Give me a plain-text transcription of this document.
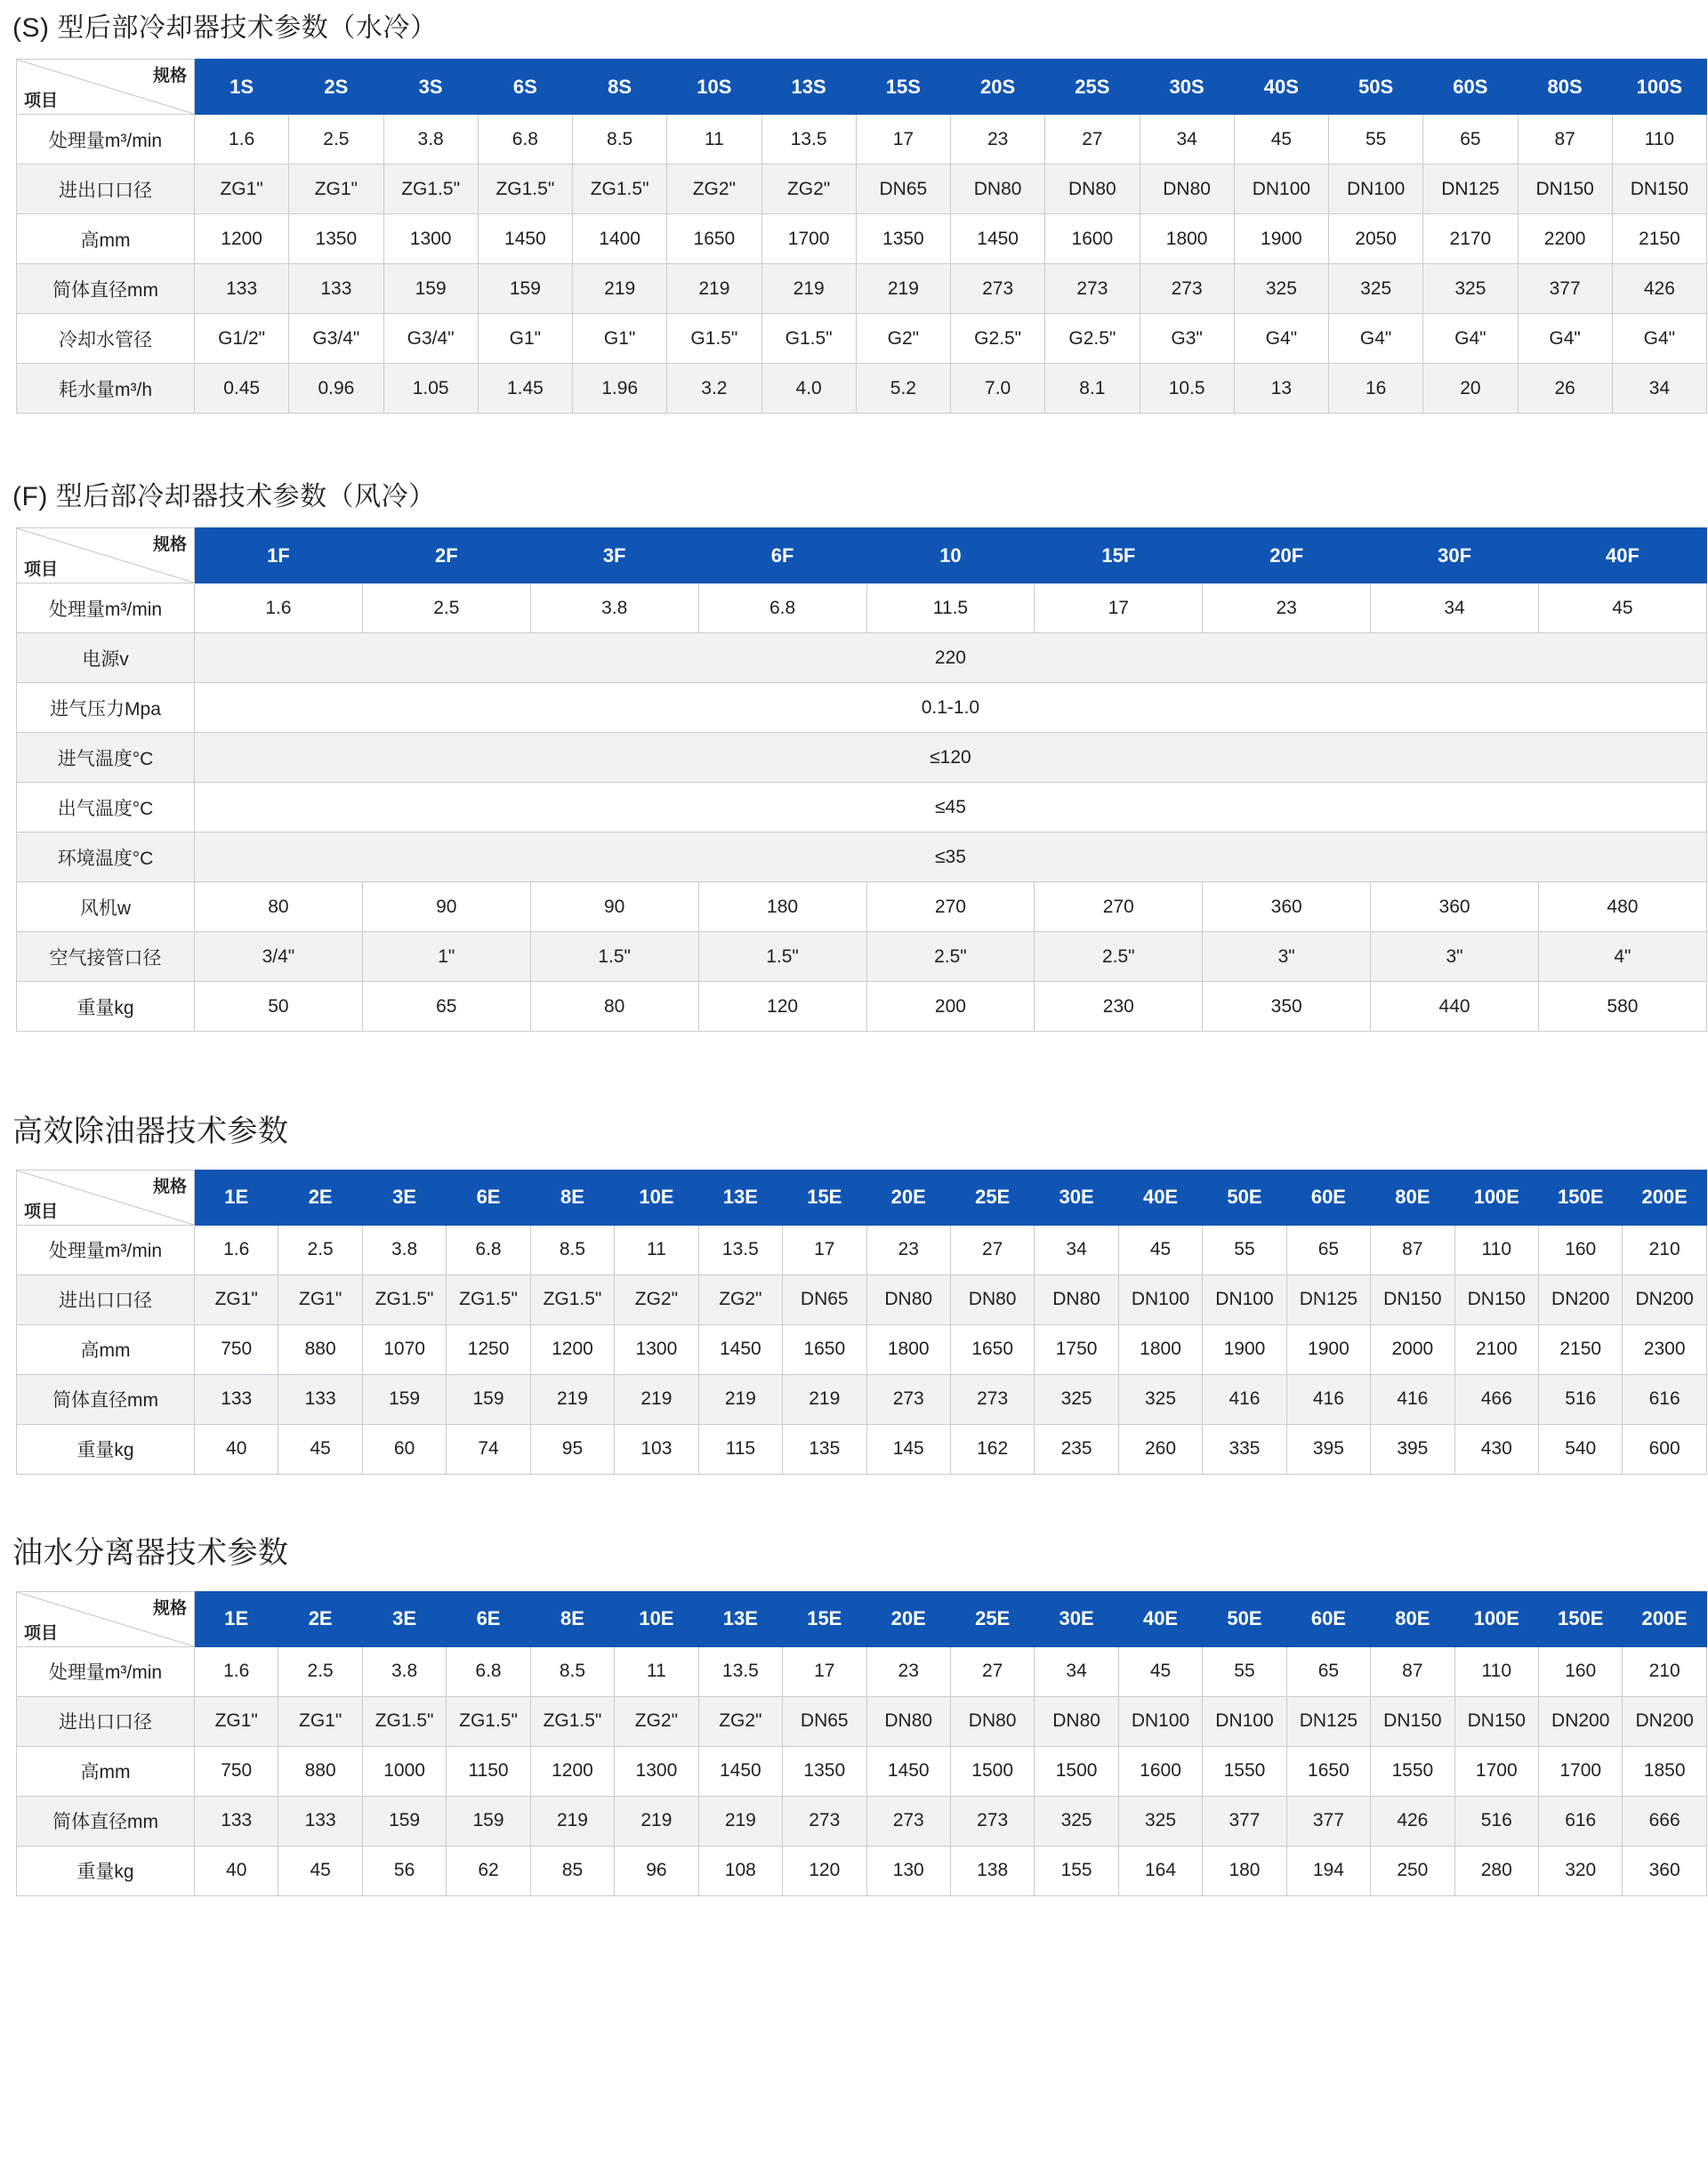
(S) 型后部冷却器技术参数（水冷）
规格
项目	1S	2S	3S	6S	8S	10S	13S	15S	20S	25S	30S	40S	50S	60S	80S	100S
处理量m³/min	1.6	2.5	3.8	6.8	8.5	11	13.5	17	23	27	34	45	55	65	87	110
进出口口径	ZG1"	ZG1"	ZG1.5"	ZG1.5"	ZG1.5"	ZG2"	ZG2"	DN65	DN80	DN80	DN80	DN100	DN100	DN125	DN150	DN150
高mm	1200	1350	1300	1450	1400	1650	1700	1350	1450	1600	1800	1900	2050	2170	2200	2150
简体直径mm	133	133	159	159	219	219	219	219	273	273	273	325	325	325	377	426
冷却水管径	G1/2"	G3/4"	G3/4"	G1"	G1"	G1.5"	G1.5"	G2"	G2.5"	G2.5"	G3"	G4"	G4"	G4"	G4"	G4"
耗水量m³/h	0.45	0.96	1.05	1.45	1.96	3.2	4.0	5.2	7.0	8.1	10.5	13	16	20	26	34
(F) 型后部冷却器技术参数（风冷）
规格
项目	1F	2F	3F	6F	10	15F	20F	30F	40F
处理量m³/min	1.6	2.5	3.8	6.8	11.5	17	23	34	45
电源v	220								
进气压力Mpa	0.1-1.0								
进气温度°C	≤120								
出气温度°C	≤45								
环境温度°C	≤35								
风机w	80	90	90	180	270	270	360	360	480
空气接管口径	3/4"	1"	1.5"	1.5"	2.5"	2.5"	3"	3"	4"
重量kg	50	65	80	120	200	230	350	440	580
高效除油器技术参数
规格
项目	1E	2E	3E	6E	8E	10E	13E	15E	20E	25E	30E	40E	50E	60E	80E	100E	150E	200E
处理量m³/min	1.6	2.5	3.8	6.8	8.5	11	13.5	17	23	27	34	45	55	65	87	110	160	210
进出口口径	ZG1"	ZG1"	ZG1.5"	ZG1.5"	ZG1.5"	ZG2"	ZG2"	DN65	DN80	DN80	DN80	DN100	DN100	DN125	DN150	DN150	DN200	DN200
高mm	750	880	1070	1250	1200	1300	1450	1650	1800	1650	1750	1800	1900	1900	2000	2100	2150	2300
简体直径mm	133	133	159	159	219	219	219	219	273	273	325	325	416	416	416	466	516	616
重量kg	40	45	60	74	95	103	115	135	145	162	235	260	335	395	395	430	540	600
油水分离器技术参数
规格
项目	1E	2E	3E	6E	8E	10E	13E	15E	20E	25E	30E	40E	50E	60E	80E	100E	150E	200E
处理量m³/min	1.6	2.5	3.8	6.8	8.5	11	13.5	17	23	27	34	45	55	65	87	110	160	210
进出口口径	ZG1"	ZG1"	ZG1.5"	ZG1.5"	ZG1.5"	ZG2"	ZG2"	DN65	DN80	DN80	DN80	DN100	DN100	DN125	DN150	DN150	DN200	DN200
高mm	750	880	1000	1150	1200	1300	1450	1350	1450	1500	1500	1600	1550	1650	1550	1700	1700	1850
简体直径mm	133	133	159	159	219	219	219	273	273	273	325	325	377	377	426	516	616	666
重量kg	40	45	56	62	85	96	108	120	130	138	155	164	180	194	250	280	320	360
